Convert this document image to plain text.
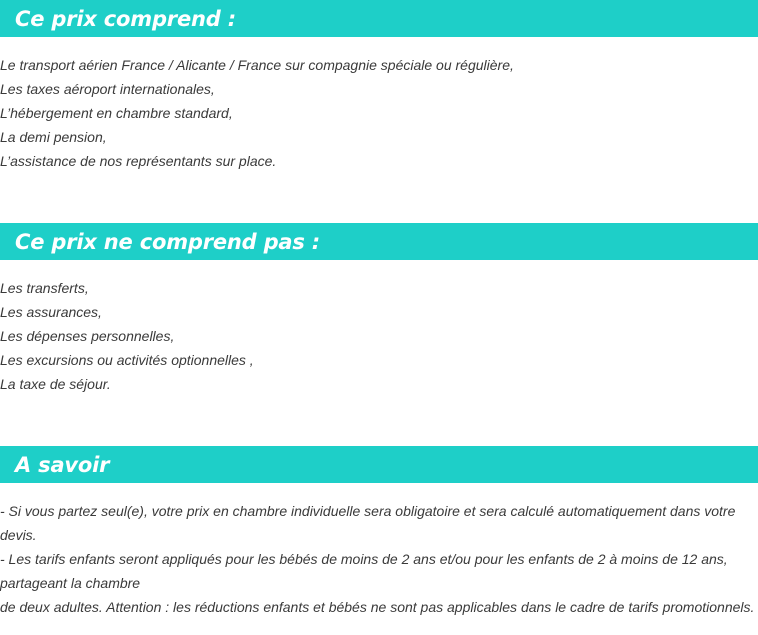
Ce prix comprend :
Le transport aérien France / Alicante / France sur compagnie spéciale ou régulière,
Les taxes aéroport internationales,
L’hébergement en chambre standard,
La demi pension,
L’assistance de nos représentants sur place.
Ce prix ne comprend pas :
Les transferts,
Les assurances,
Les dépenses personnelles,
Les excursions ou activités optionnelles ,
La taxe de séjour.
A savoir
- Si vous partez seul(e), votre prix en chambre individuelle sera obligatoire et sera calculé automatiquement dans votre
devis.
- Les tarifs enfants seront appliqués pour les bébés de moins de 2 ans et/ou pour les enfants de 2 à moins de 12 ans,
partageant la chambre
de deux adultes. Attention : les réductions enfants et bébés ne sont pas applicables dans le cadre de tarifs promotionnels.
